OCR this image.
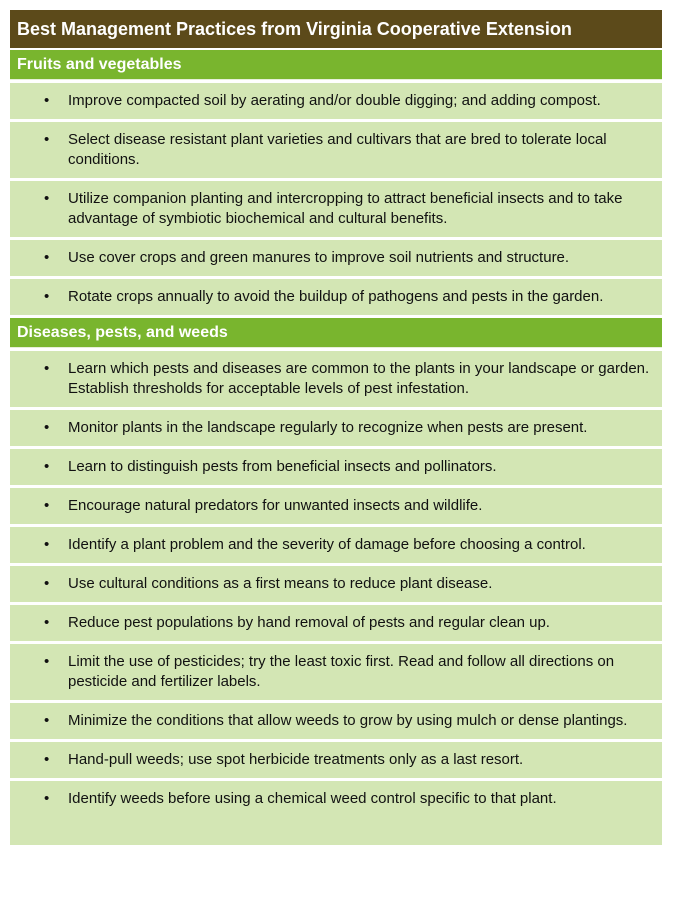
Best Management Practices from Virginia Cooperative Extension
Fruits and vegetables
• Improve compacted soil by aerating and/or double digging; and adding compost.
• Select disease resistant plant varieties and cultivars that are bred to tolerate local conditions.
• Utilize companion planting and intercropping to attract beneficial insects and to take advantage of symbiotic biochemical and cultural benefits.
• Use cover crops and green manures to improve soil nutrients and structure.
• Rotate crops annually to avoid the buildup of pathogens and pests in the garden.
Diseases, pests, and weeds
• Learn which pests and diseases are common to the plants in your landscape or garden. Establish thresholds for acceptable levels of pest infestation.
• Monitor plants in the landscape regularly to recognize when pests are present.
• Learn to distinguish pests from beneficial insects and pollinators.
• Encourage natural predators for unwanted insects and wildlife.
• Identify a plant problem and the severity of damage before choosing a control.
• Use cultural conditions as a first means to reduce plant disease.
• Reduce pest populations by hand removal of pests and regular clean up.
• Limit the use of pesticides; try the least toxic first. Read and follow all directions on pesticide and fertilizer labels.
• Minimize the conditions that allow weeds to grow by using mulch or dense plantings.
• Hand-pull weeds; use spot herbicide treatments only as a last resort.
• Identify weeds before using a chemical weed control specific to that plant.
